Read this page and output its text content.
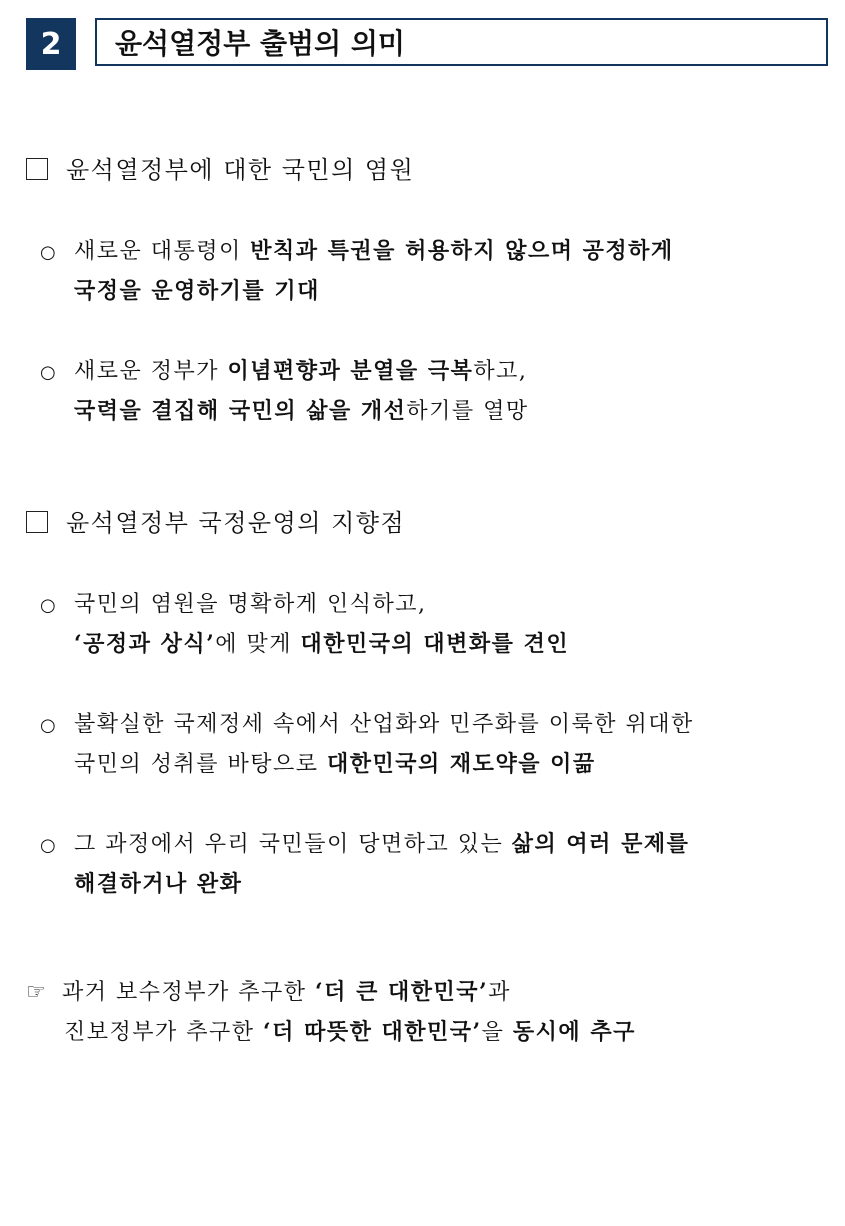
2	윤석열정부 출범의 의미
윤석열정부에 대한 국민의 염원
○ 새로운 대통령이 반칙과 특권을 허용하지 않으며 공정하게
국정을 운영하기를 기대
○ 새로운 정부가 이념편향과 분열을 극복하고,
국력을 결집해 국민의 삶을 개선하기를 열망
윤석열정부 국정운영의 지향점
○ 국민의 염원을 명확하게 인식하고,
‘공정과 상식’에 맞게 대한민국의 대변화를 견인
○ 불확실한 국제정세 속에서 산업화와 민주화를 이룩한 위대한
국민의 성취를 바탕으로 대한민국의 재도약을 이끎
○ 그 과정에서 우리 국민들이 당면하고 있는 삶의 여러 문제를
해결하거나 완화
☞ 과거 보수정부가 추구한 ‘더 큰 대한민국’과
진보정부가 추구한 ‘더 따뜻한 대한민국’을 동시에 추구
